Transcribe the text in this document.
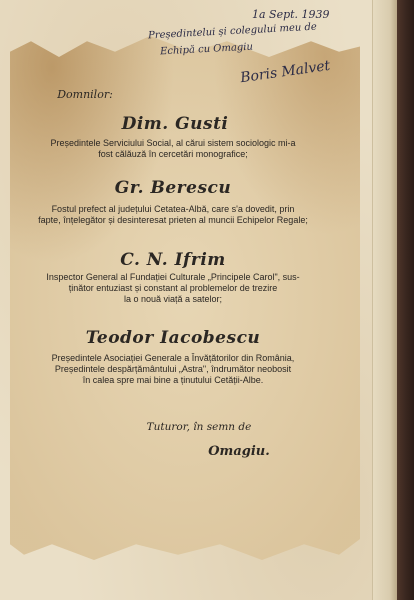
1a Sept. 1939
Președintelui și colegului meu de
Echipă cu Omagiu
Boris Malvet
Domnilor:
Dim. Gusti
Președintele Serviciului Social, al cărui sistem sociologic mi-a
fost călăuză în cercetări monografice;
Gr. Berescu
Fostul prefect al județului Cetatea-Albă, care s'a dovedit, prin
fapte, înțelegător și desinteresat prieten al muncii Echipelor Regale;
C. N. Ifrim
Inspector General al Fundației Culturale „Principele Carol", sus-
ținător entuziast și constant al problemelor de trezire
la o nouă viață a satelor;
Teodor Iacobescu
Președintele Asociației Generale a Învățătorilor din România,
Președintele despărțământului „Astra", îndrumător neobosit
în calea spre mai bine a ținutului Cetății-Albe.
Tuturor, în semn de
Omagiu.
